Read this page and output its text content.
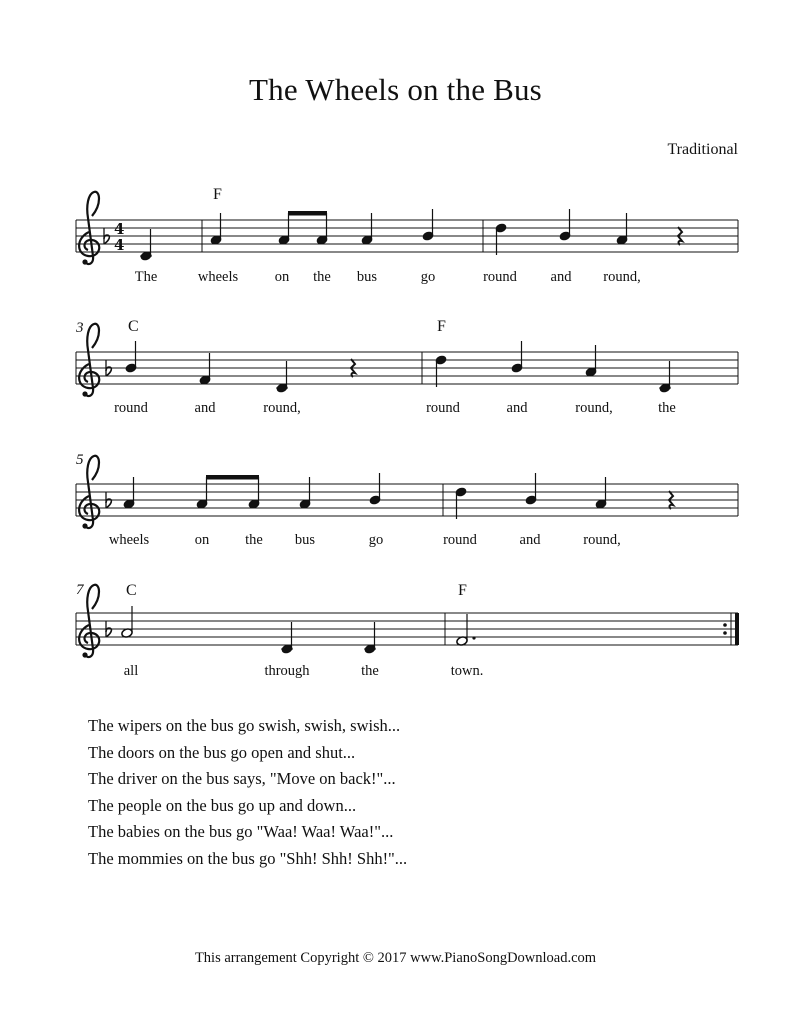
The Wheels on the Bus
Traditional
4
4
F
C	F
C	F
3
5
7
The	wheels	on the bus	go	round and round,
round	and	round,	round	and	round,	the
wheels	on the bus	go	round	and	round,
all	through	the	town.
The wipers on the bus go swish, swish, swish...
The doors on the bus go open and shut...
The driver on the bus says, "Move on back!"...
The people on the bus go up and down...
The babies on the bus go "Waa! Waa! Waa!"...
The mommies on the bus go "Shh! Shh! Shh!"...
This arrangement Copyright © 2017 www.PianoSongDownload.com
